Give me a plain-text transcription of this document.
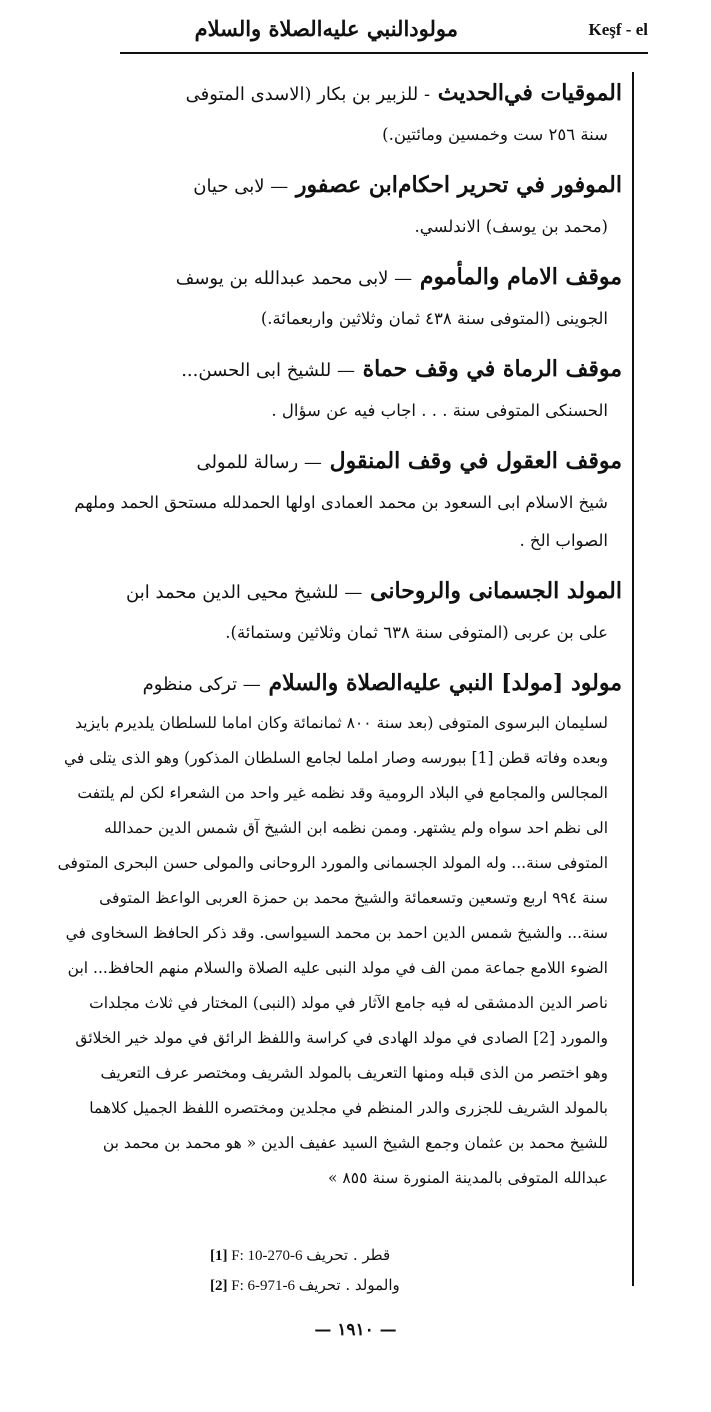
مولودالنبي عليه‌الصلاة والسلام	Keşf - el
الموقيات في‌الحديث - للزبير بن بكار (الاسدى المتوفى
سنة ٢٥٦ ست وخمسين ومائتين.)
الموفور في تحرير احكام‌ابن عصفور — لابى حيان
(محمد بن يوسف) الاندلسي.
موقف الامام والمأموم — لابى محمد عبدالله بن يوسف
الجوينى (المتوفى سنة ٤٣٨ ثمان وثلاثين واربعمائة.)
موقف الرماة في وقف حماة — للشيخ ابى الحسن...
الحسنكى المتوفى سنة . . . اجاب فيه عن سؤال .
موقف العقول في وقف المنقول — رسالة للمولى
شيخ الاسلام ابى السعود بن محمد العمادى اولها الحمدلله مستحق الحمد وملهم الصواب الخ .
المولد الجسمانى والروحانى — للشيخ محيى الدين محمد ابن
على بن عربى (المتوفى سنة ٦٣٨ ثمان وثلاثين وستمائة).
مولود [مولد] النبي عليه‌الصلاة والسلام — تركى منظوم
لسليمان البرسوى المتوفى (بعد سنة ٨٠٠ ثمانمائة وكان اماما للسلطان يلديرم بايزيد وبعده وفاته قطن [1] ببورسه وصار املما لجامع السلطان المذكور) وهو الذى يتلى في المجالس والمجامع في البلاد الرومية وقد نظمه غير واحد من الشعراء لكن لم يلتفت الى نظم احد سواه ولم يشتهر. وممن نظمه ابن الشيخ آق شمس الدين حمدالله المتوفى سنة... وله المولد الجسمانى والمورد الروحانى والمولى حسن البحرى المتوفى سنة ٩٩٤ اربع وتسعين وتسعمائة والشيخ محمد بن حمزة العربى الواعظ المتوفى سنة... والشيخ شمس الدين احمد بن محمد السيواسى. وقد ذكر الحافظ السخاوى في الضوء اللامع جماعة ممن الف في مولد النبى عليه الصلاة والسلام منهم الحافظ... ابن ناصر الدين الدمشقى له فيه جامع الآثار في مولد (النبى) المختار في ثلاث مجلدات والمورد [2] الصادى في مولد الهادى في كراسة واللفظ الرائق في مولد خير الخلائق وهو اختصر من الذى قبله ومنها التعريف بالمولد الشريف ومختصر عرف التعريف بالمولد الشريف للجزرى والدر المنظم في مجلدين ومختصره اللفظ الجميل كلاهما للشيخ محمد بن عثمان وجمع الشيخ السيد عفيف الدين « هو محمد بن محمد بن عبدالله المتوفى بالمدينة المنورة سنة ٨٥٥ »
[1] F: 10-270-6 قطر . تحريف
[2] F: 6-971-6 والمولد . تحريف
— ١٩١٠ —
